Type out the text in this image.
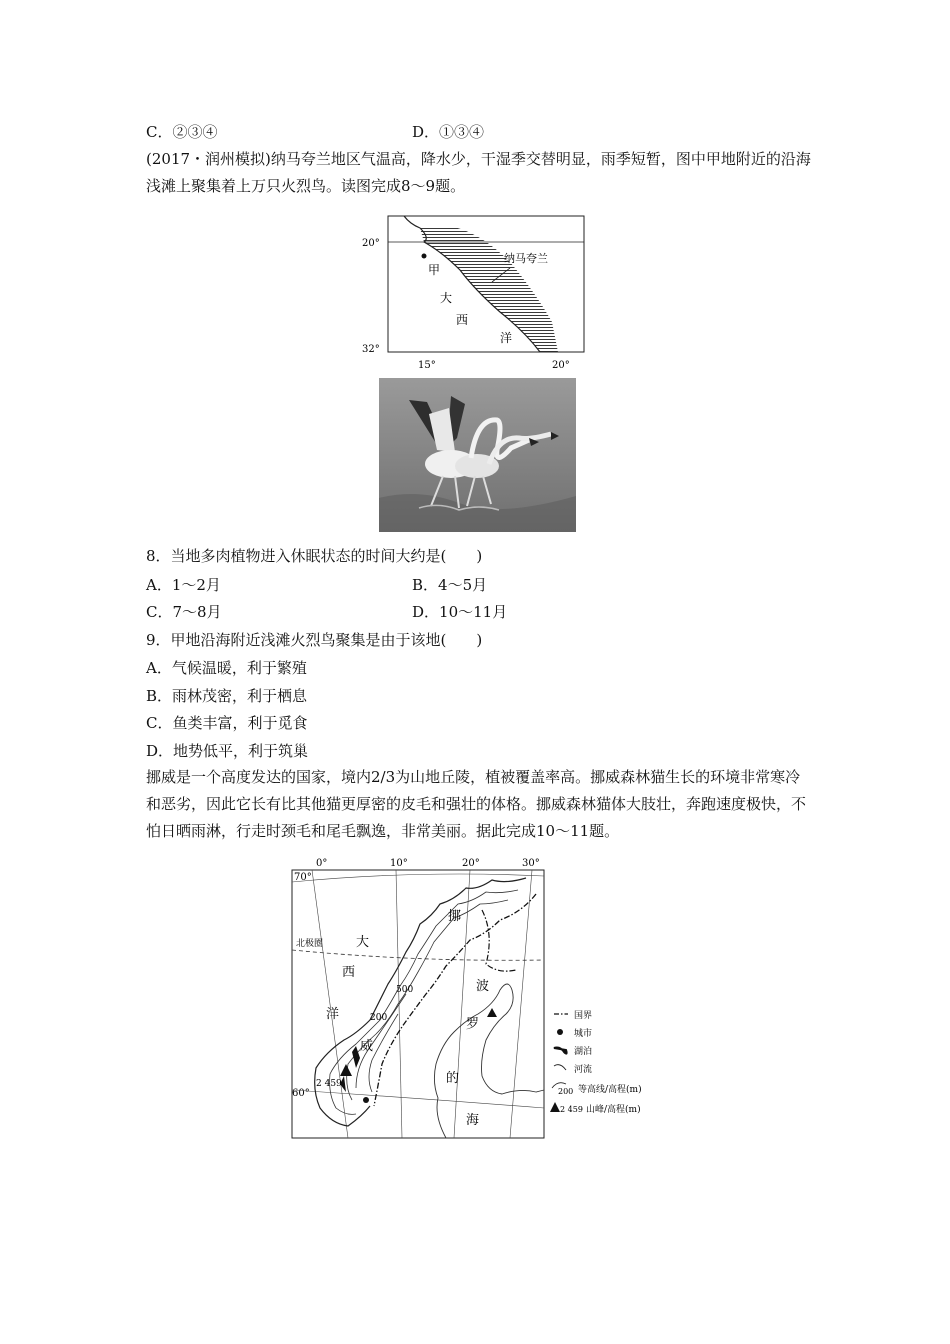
C．②③④	D．①③④
(2017・润州模拟)纳马夸兰地区气温高，降水少，干湿季交替明显，雨季短暂，图中甲地附近的沿海浅滩上聚集着上万只火烈鸟。读图完成8～9题。
20°
32°
15°	20°
甲
大
西
洋
纳马夸兰
8．当地多肉植物进入休眠状态的时间大约是(　　)
A．1～2月	B．4～5月
C．7～8月	D．10～11月
9．甲地沿海附近浅滩火烈鸟聚集是由于该地(　　)
A．气候温暖，利于繁殖
B．雨林茂密，利于栖息
C．鱼类丰富，利于觅食
D．地势低平，利于筑巢
挪威是一个高度发达的国家，境内2/3为山地丘陵，植被覆盖率高。挪威森林猫生长的环境非常寒冷和恶劣，因此它长有比其他猫更厚密的皮毛和强壮的体格。挪威森林猫体大肢壮，奔跑速度极快，不怕日晒雨淋，行走时颈毛和尾毛飘逸，非常美丽。据此完成10～11题。
0°	10°	20°	30°
70°
60°
北极圈
2 459
200
500
大
西
洋
挪
威
波
罗
的
海
国界
城市
湖泊
河流
200 等高线/高程(m)
2 459 山峰/高程(m)
